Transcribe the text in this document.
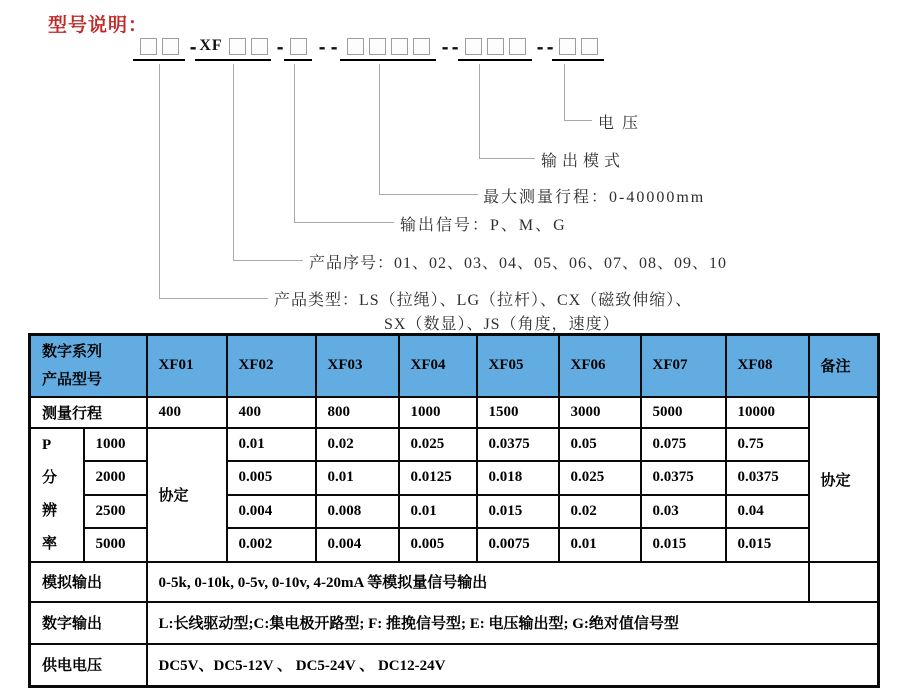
型号说明：
- XF	- - -	- -	- -
电压
输出模式
最大测量行程：0-40000mm
输出信号：P、M、G
产品序号：01、02、03、04、05、06、07、08、09、10
产品类型：LS（拉绳）、LG（拉杆）、CX（磁致伸缩）、
SX（数显）、JS（角度，速度）
数字系列
产品型号		XF01	XF02	XF03	XF04	XF05	XF06	XF07	XF08	备注
测量行程		400	400	800	1000	1500	3000	5000	10000	协定

P
分
辨
率	1000	协定	0.01	0.02	0.025	0.0375	0.05	0.075	0.75	
	2000		0.005	0.01	0.0125	0.018	0.025	0.0375	0.0375	
	2500		0.004	0.008	0.01	0.015	0.02	0.03	0.04	
	5000		0.002	0.004	0.005	0.0075	0.01	0.015	0.015	
模拟输出		0-5k, 0-10k, 0-5v, 0-10v, 4-20mA 等模拟量信号输出								
数字输出		L:长线驱动型;C:集电极开路型; F: 推挽信号型; E: 电压输出型; G:绝对值信号型								
供电电压		DC5V、DC5-12V 、 DC5-24V 、 DC12-24V								
